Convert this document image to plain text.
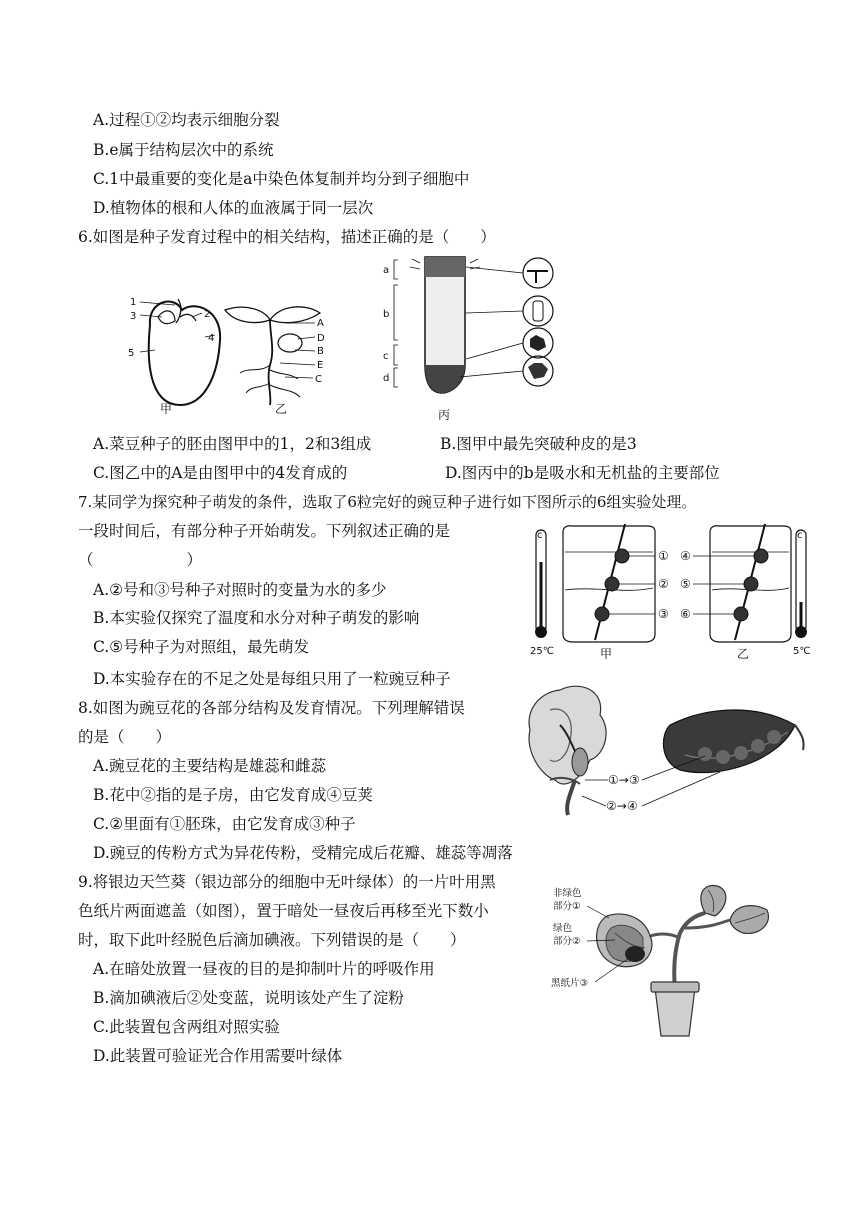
A.过程①②均表示细胞分裂
B.e属于结构层次中的系统
C.1中最重要的变化是a中染色体复制并均分到子细胞中
D.植物体的根和人体的血液属于同一层次
6.如图是种子发育过程中的相关结构，描述正确的是（　　）
1
2
3
4
5
甲
A
D
B
E
C
乙
a
b
c
d
丙
A.菜豆种子的胚由图甲中的1，2和3组成	B.图甲中最先突破种皮的是3
C.图乙中的A是由图甲中的4发育成的	D.图丙中的b是吸水和无机盐的主要部位
7.某同学为探究种子萌发的条件，选取了6粒完好的豌豆种子进行如下图所示的6组实验处理。
一段时间后，有部分种子开始萌发。下列叙述正确的是
（　　　　　　）
A.②号和③号种子对照时的变量为水的多少
B.本实验仅探究了温度和水分对种子萌发的影响
C.⑤号种子为对照组，最先萌发
D.本实验存在的不足之处是每组只用了一粒豌豆种子
c
25℃
①
②
③
甲
④
⑤
⑥
乙
c
5℃
8.如图为豌豆花的各部分结构及发育情况。下列理解错误
的是（　　）
A.豌豆花的主要结构是雄蕊和雌蕊
B.花中②指的是子房，由它发育成④豆荚
C.②里面有①胚珠，由它发育成③种子
D.豌豆的传粉方式为异花传粉，受精完成后花瓣、雄蕊等凋落
①→③
②→④
9.将银边天竺葵（银边部分的细胞中无叶绿体）的一片叶用黑
色纸片两面遮盖（如图），置于暗处一昼夜后再移至光下数小
时，取下此叶经脱色后滴加碘液。下列错误的是（　　）
A.在暗处放置一昼夜的目的是抑制叶片的呼吸作用
B.滴加碘液后②处变蓝，说明该处产生了淀粉
C.此装置包含两组对照实验
D.此装置可验证光合作用需要叶绿体
非绿色
部分①
绿色
部分②
黑纸片③
